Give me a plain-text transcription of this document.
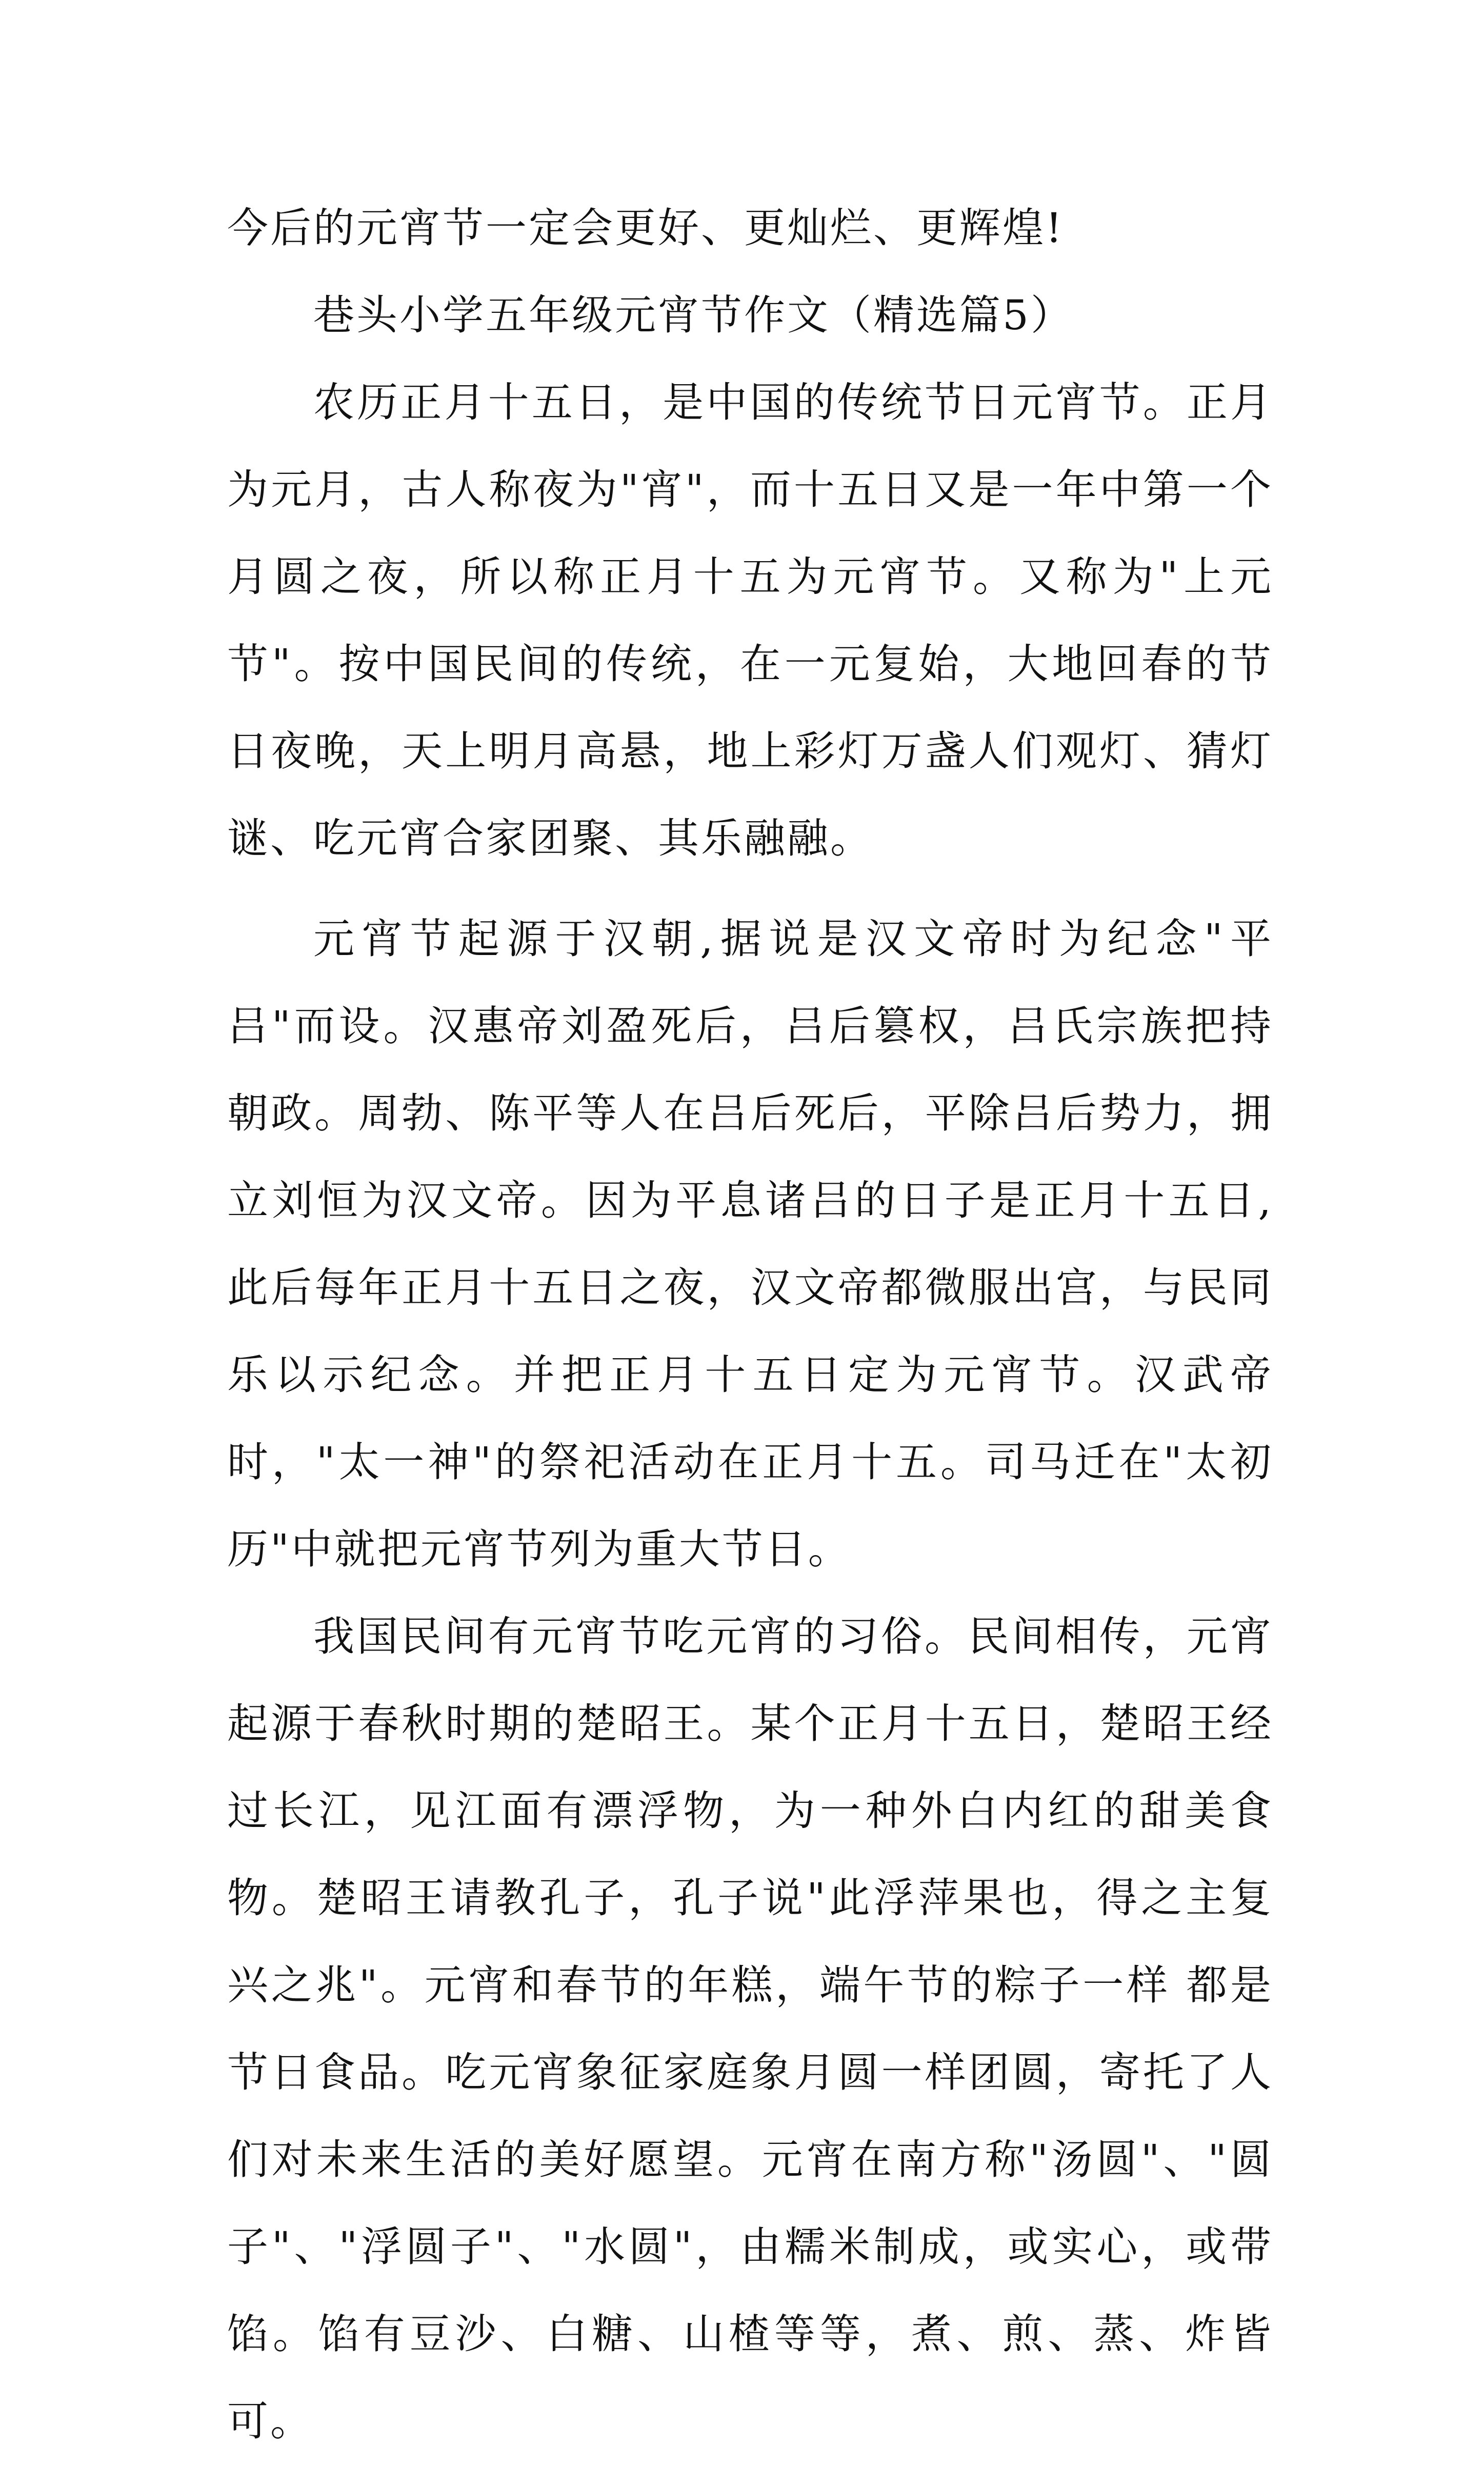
今后的元宵节一定会更好、更灿烂、更辉煌!

巷头小学五年级元宵节作文（精选篇5）

农历正月十五日，是中国的传统节日元宵节。正月为元月，古人称夜为"宵"，而十五日又是一年中第一个月圆之夜，所以称正月十五为元宵节。又称为"上元节"。按中国民间的传统，在一元复始，大地回春的节日夜晚，天上明月高悬，地上彩灯万盏人们观灯、猜灯谜、吃元宵合家团聚、其乐融融。

元宵节起源于汉朝,据说是汉文帝时为纪念"平吕"而设。汉惠帝刘盈死后，吕后篡权，吕氏宗族把持朝政。周勃、陈平等人在吕后死后，平除吕后势力，拥立刘恒为汉文帝。因为平息诸吕的日子是正月十五日,此后每年正月十五日之夜，汉文帝都微服出宫，与民同乐以示纪念。并把正月十五日定为元宵节。汉武帝时，"太一神"的祭祀活动在正月十五。司马迁在"太初历"中就把元宵节列为重大节日。

我国民间有元宵节吃元宵的习俗。民间相传，元宵起源于春秋时期的楚昭王。某个正月十五日，楚昭王经过长江，见江面有漂浮物，为一种外白内红的甜美食物。楚昭王请教孔子，孔子说"此浮萍果也，得之主复兴之兆"。元宵和春节的年糕，端午节的粽子一样 都是节日食品。吃元宵象征家庭象月圆一样团圆，寄托了人们对未来生活的美好愿望。元宵在南方称"汤圆"、"圆子"、"浮圆子"、"水圆"，由糯米制成，或实心，或带馅。馅有豆沙、白糖、山楂等等，煮、煎、蒸、炸皆可。
